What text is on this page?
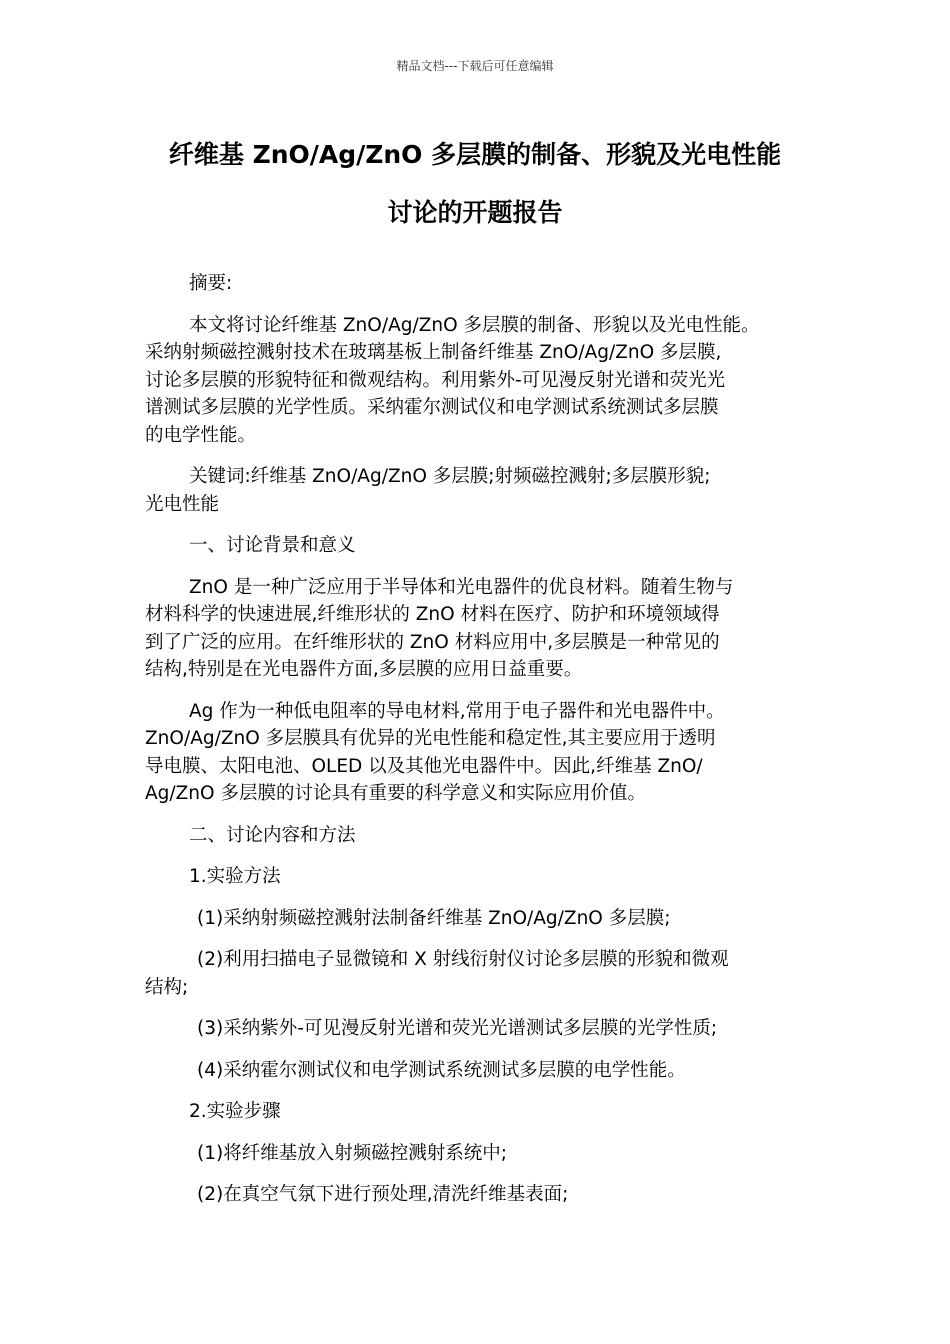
精品文档---下载后可任意编辑
纤维基 ZnO/Ag/ZnO 多层膜的制备、形貌及光电性能
讨论的开题报告
摘要:
本文将讨论纤维基 ZnO/Ag/ZnO 多层膜的制备、形貌以及光电性能。
采纳射频磁控溅射技术在玻璃基板上制备纤维基 ZnO/Ag/ZnO 多层膜,
讨论多层膜的形貌特征和微观结构。利用紫外-可见漫反射光谱和荧光光
谱测试多层膜的光学性质。采纳霍尔测试仪和电学测试系统测试多层膜
的电学性能。
关键词:纤维基 ZnO/Ag/ZnO 多层膜;射频磁控溅射;多层膜形貌;
光电性能
一、讨论背景和意义
ZnO 是一种广泛应用于半导体和光电器件的优良材料。随着生物与
材料科学的快速进展,纤维形状的 ZnO 材料在医疗、防护和环境领域得
到了广泛的应用。在纤维形状的 ZnO 材料应用中,多层膜是一种常见的
结构,特别是在光电器件方面,多层膜的应用日益重要。
Ag 作为一种低电阻率的导电材料,常用于电子器件和光电器件中。
ZnO/Ag/ZnO 多层膜具有优异的光电性能和稳定性,其主要应用于透明
导电膜、太阳电池、OLED 以及其他光电器件中。因此,纤维基 ZnO/
Ag/ZnO 多层膜的讨论具有重要的科学意义和实际应用价值。
二、讨论内容和方法
1.实验方法
(1)采纳射频磁控溅射法制备纤维基 ZnO/Ag/ZnO 多层膜;
(2)利用扫描电子显微镜和 X 射线衍射仪讨论多层膜的形貌和微观
结构;
(3)采纳紫外-可见漫反射光谱和荧光光谱测试多层膜的光学性质;
(4)采纳霍尔测试仪和电学测试系统测试多层膜的电学性能。
2.实验步骤
(1)将纤维基放入射频磁控溅射系统中;
(2)在真空气氛下进行预处理,清洗纤维基表面;
